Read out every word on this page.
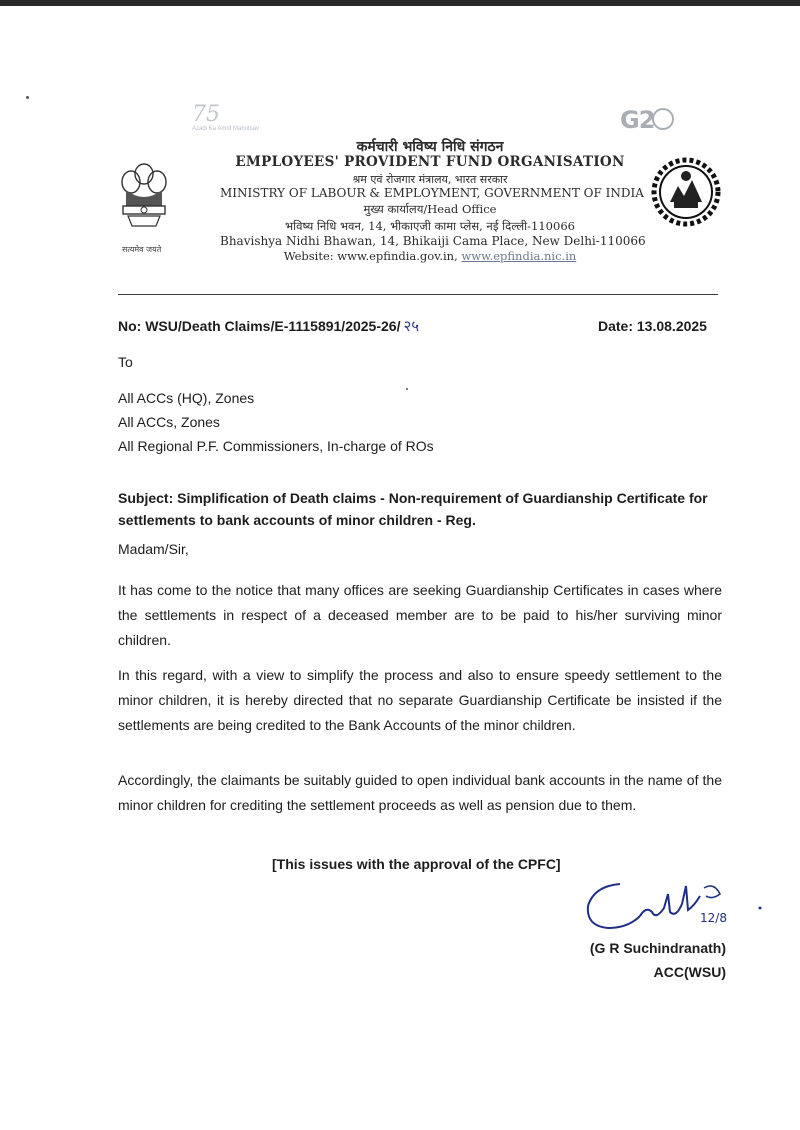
75
Azadi Ka Amrit Mahotsav	G2
सत्यमेव जयते
कर्मचारी भविष्य निधि संगठन
EMPLOYEES' PROVIDENT FUND ORGANISATION
श्रम एवं रोजगार मंत्रालय, भारत सरकार
MINISTRY OF LABOUR & EMPLOYMENT, GOVERNMENT OF INDIA
मुख्य कार्यालय/Head Office
भविष्य निधि भवन, 14, भीकाएजी कामा प्लेस, नई दिल्ली-110066
Bhavishya Nidhi Bhawan, 14, Bhikaiji Cama Place, New Delhi-110066
Website: www.epfindia.gov.in, www.epfindia.nic.in
No: WSU/Death Claims/E-1115891/2025-26/ २५	Date: 13.08.2025
To
All ACCs (HQ), Zones
All ACCs, Zones
All Regional P.F. Commissioners, In-charge of ROs
Subject: Simplification of Death claims - Non-requirement of Guardianship Certificate for settlements to bank accounts of minor children - Reg.
Madam/Sir,
It has come to the notice that many offices are seeking Guardianship Certificates in cases where the settlements in respect of a deceased member are to be paid to his/her surviving minor children.
In this regard, with a view to simplify the process and also to ensure speedy settlement to the minor children, it is hereby directed that no separate Guardianship Certificate be insisted if the settlements are being credited to the Bank Accounts of the minor children.
Accordingly, the claimants be suitably guided to open individual bank accounts in the name of the minor children for crediting the settlement proceeds as well as pension due to them.
[This issues with the approval of the CPFC]
12/8
(G R Suchindranath)
ACC(WSU)
